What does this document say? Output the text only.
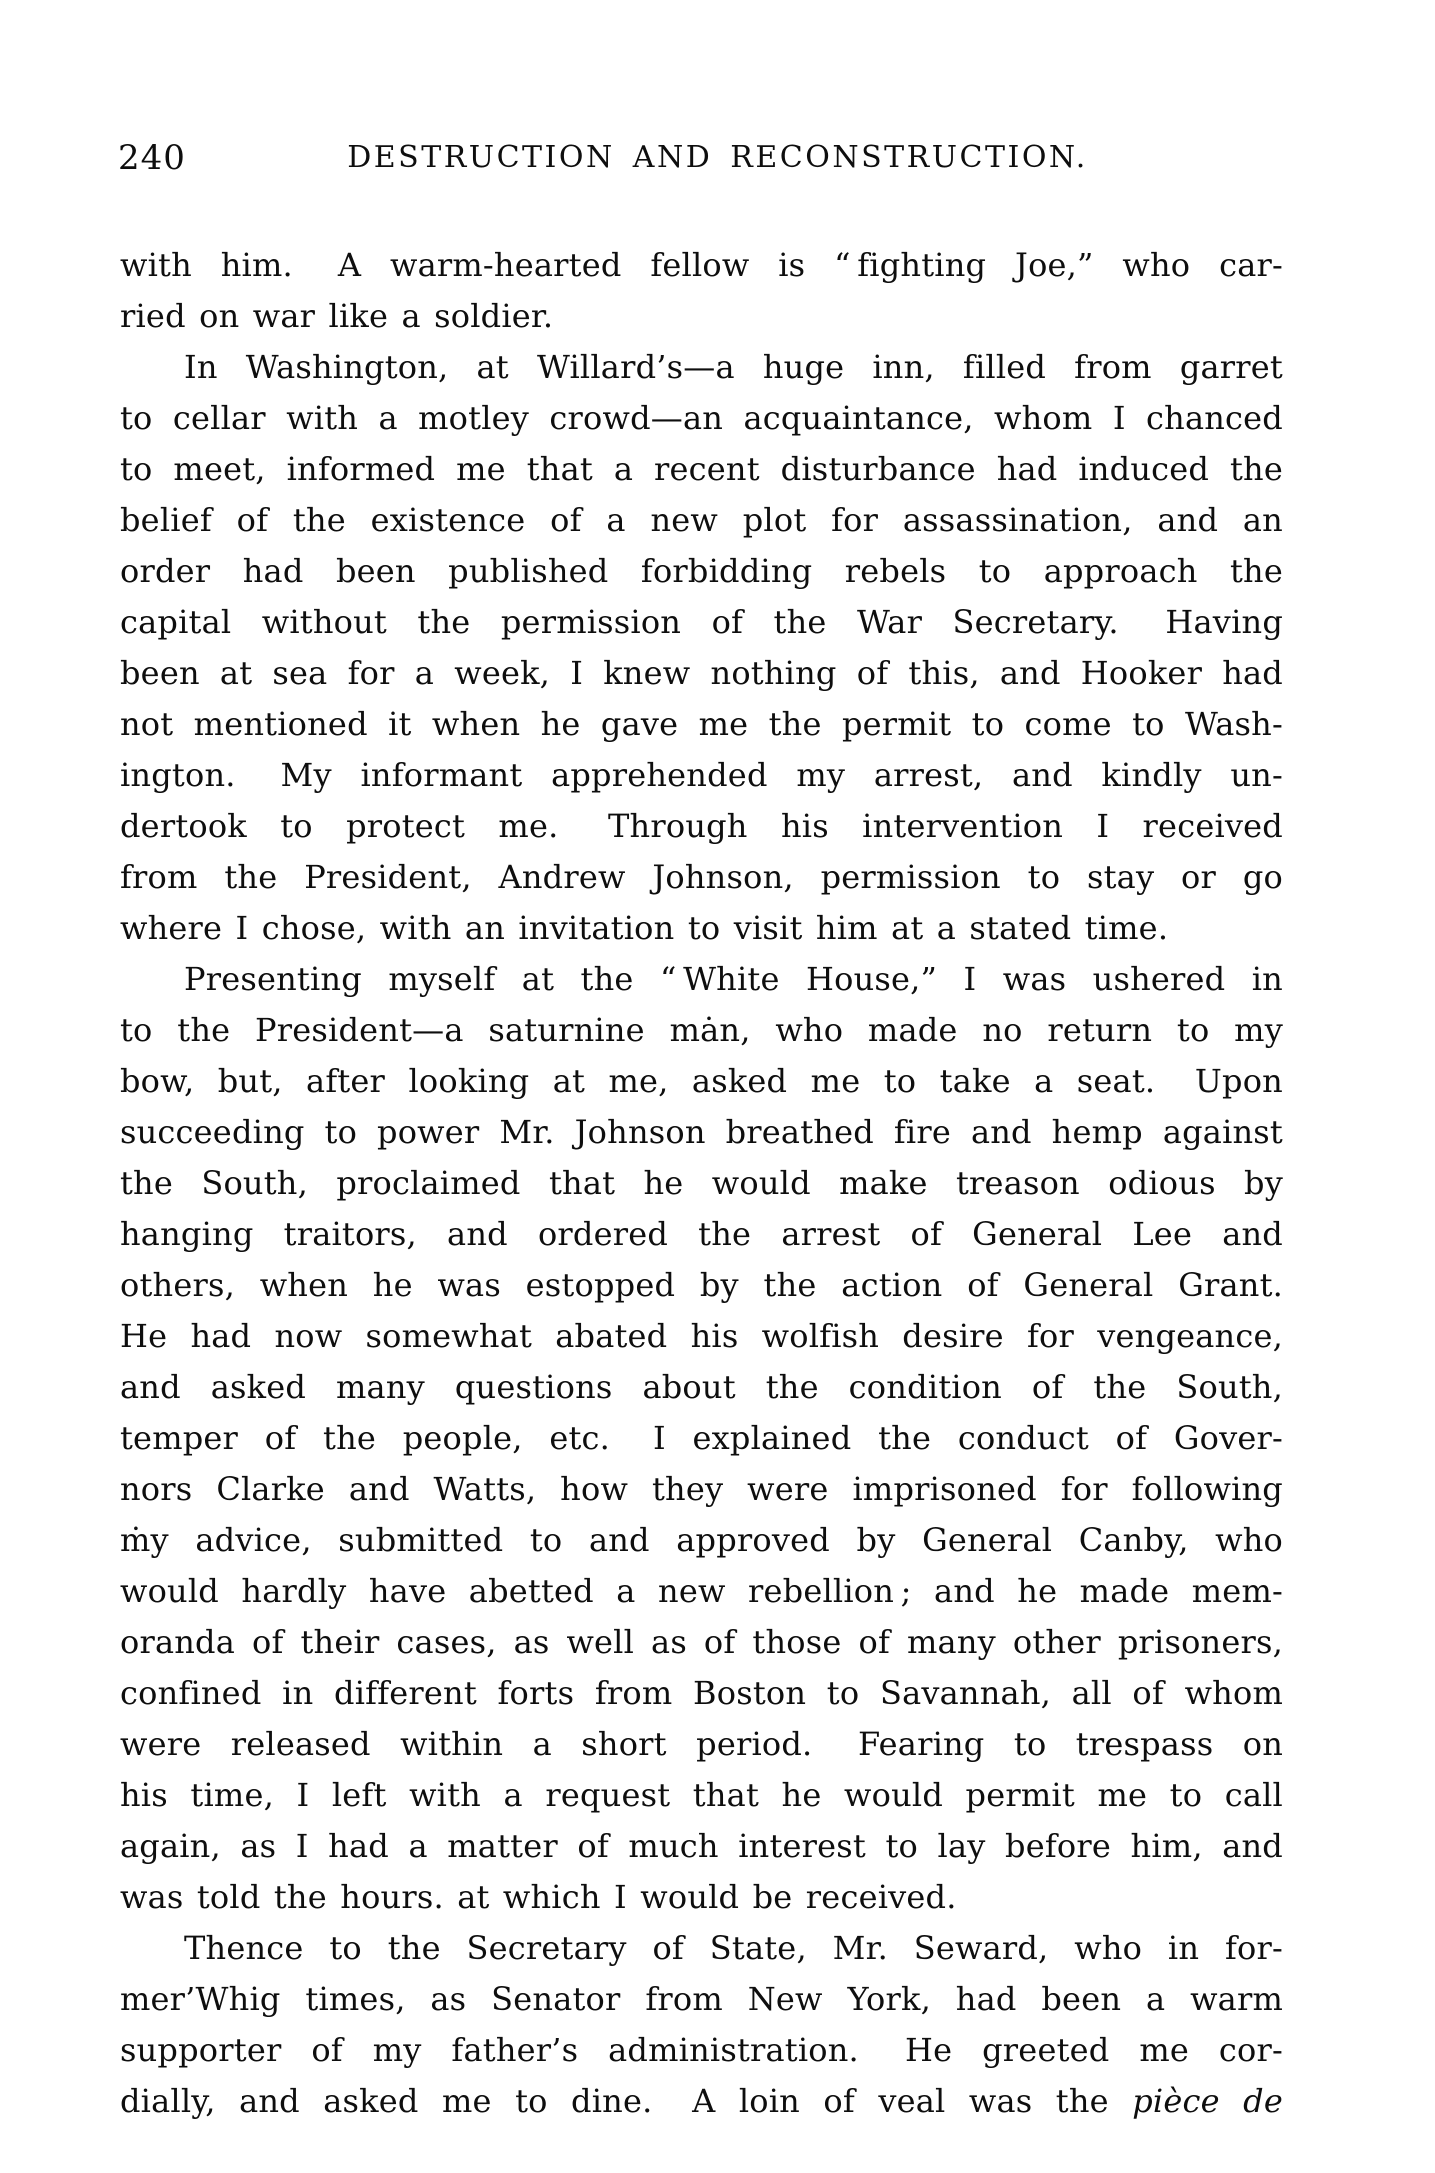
240	DESTRUCTION AND RECONSTRUCTION.
with him.  A warm-hearted fellow is “ fighting Joe,” who car-
ried on war like a soldier.
In Washington, at Willard’s—a huge inn, filled from garret
to cellar with a motley crowd—an acquaintance, whom I chanced
to meet, informed me that a recent disturbance had induced the
belief of the existence of a new plot for assassination, and an
order had been published forbidding rebels to approach the
capital without the permission of the War Secretary.  Having
been at sea for a week, I knew nothing of this, and Hooker had
not mentioned it when he gave me the permit to come to Wash-
ington.  My informant apprehended my arrest, and kindly un-
dertook to protect me.  Through his intervention I received
from the President, Andrew Johnson, permission to stay or go
where I chose, with an invitation to visit him at a stated time.
Presenting myself at the “ White House,” I was ushered in
to the President—a saturnine mȧn, who made no return to my
bow, but, after looking at me, asked me to take a seat.  Upon
succeeding to power Mr. Johnson breathed fire and hemp against
the South, proclaimed that he would make treason odious by
hanging traitors, and ordered the arrest of General Lee and
others, when he was estopped by the action of General Grant.
He had now somewhat abated his wolfish desire for vengeance,
and asked many questions about the condition of the South,
temper of the people, etc.  I explained the conduct of Gover-
nors Clarke and Watts, how they were imprisoned for following
ṁy advice, submitted to and approved by General Canby, who
would hardly have abetted a new rebellion ; and he made mem-
oranda of their cases, as well as of those of many other prisoners,
confined in different forts from Boston to Savannah, all of whom
were released within a short period.  Fearing to trespass on
his time, I left with a request that he would permit me to call
again, as I had a matter of much interest to lay before him, and
was told the hours. at which I would be received.
Thence to the Secretary of State, Mr. Seward, who in for-
mer’Whig times, as Senator from New York, had been a warm
supporter of my father’s administration.  He greeted me cor-
dially, and asked me to dine.  A loin of veal was the pièce de
